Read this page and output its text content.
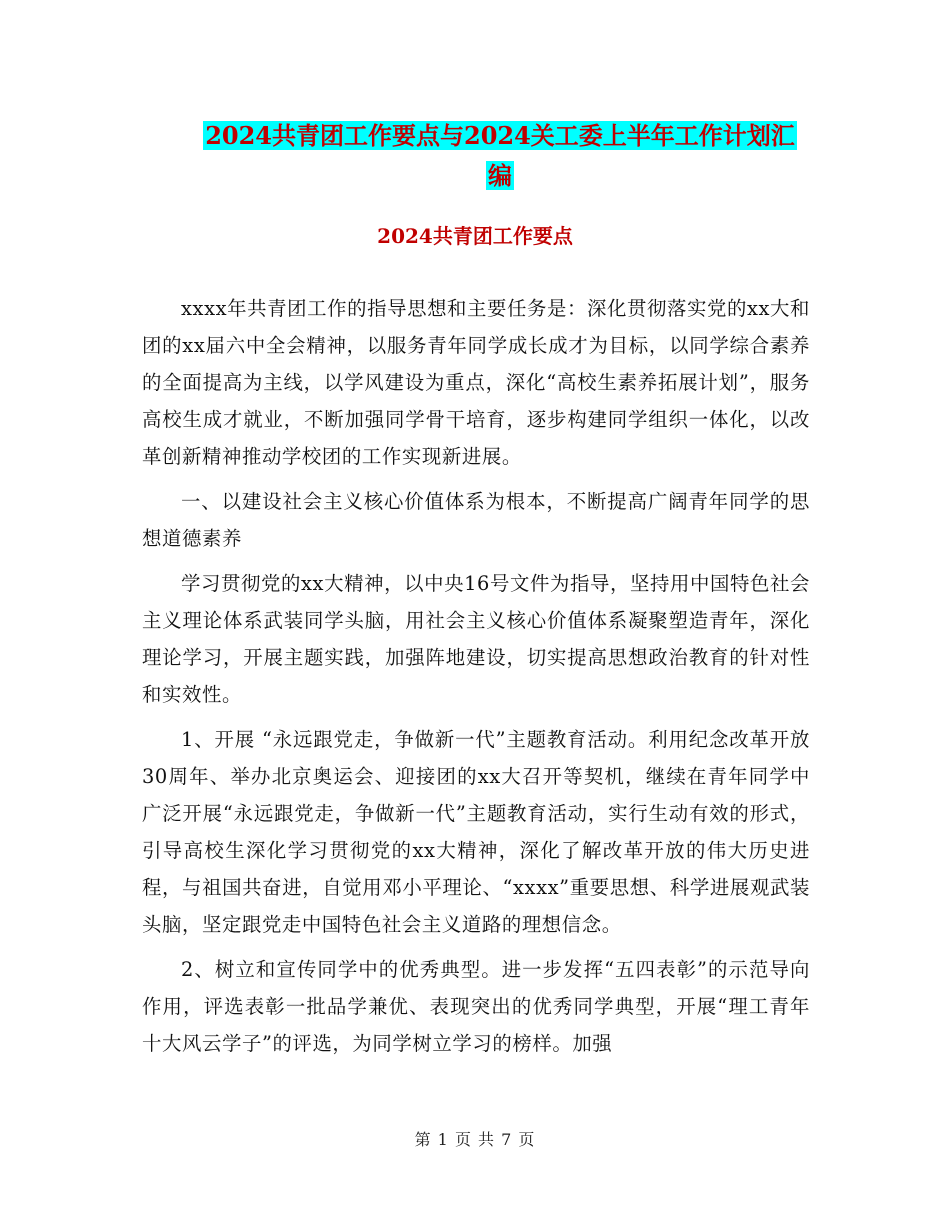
2024共青团工作要点与2024关工委上半年工作计划汇
编
2024共青团工作要点

xxxx年共青团工作的指导思想和主要任务是：深化贯彻落实党的xx大和团的xx届六中全会精神，以服务青年同学成长成才为目标，以同学综合素养的全面提高为主线，以学风建设为重点，深化“高校生素养拓展计划”，服务高校生成才就业，不断加强同学骨干培育，逐步构建同学组织一体化，以改革创新精神推动学校团的工作实现新进展。

一、以建设社会主义核心价值体系为根本，不断提高广阔青年同学的思想道德素养

学习贯彻党的xx大精神，以中央16号文件为指导，坚持用中国特色社会主义理论体系武装同学头脑，用社会主义核心价值体系凝聚塑造青年，深化理论学习，开展主题实践，加强阵地建设，切实提高思想政治教育的针对性和实效性。

1、开展 “永远跟党走，争做新一代”主题教育活动。利用纪念改革开放30周年、举办北京奥运会、迎接团的xx大召开等契机，继续在青年同学中广泛开展“永远跟党走，争做新一代”主题教育活动，实行生动有效的形式，引导高校生深化学习贯彻党的xx大精神，深化了解改革开放的伟大历史进程，与祖国共奋进，自觉用邓小平理论、“xxxx”重要思想、科学进展观武装头脑，坚定跟党走中国特色社会主义道路的理想信念。

2、树立和宣传同学中的优秀典型。进一步发挥“五四表彰”的示范导向作用，评选表彰一批品学兼优、表现突出的优秀同学典型，开展“理工青年十大风云学子”的评选，为同学树立学习的榜样。加强

第 1 页 共 7 页
